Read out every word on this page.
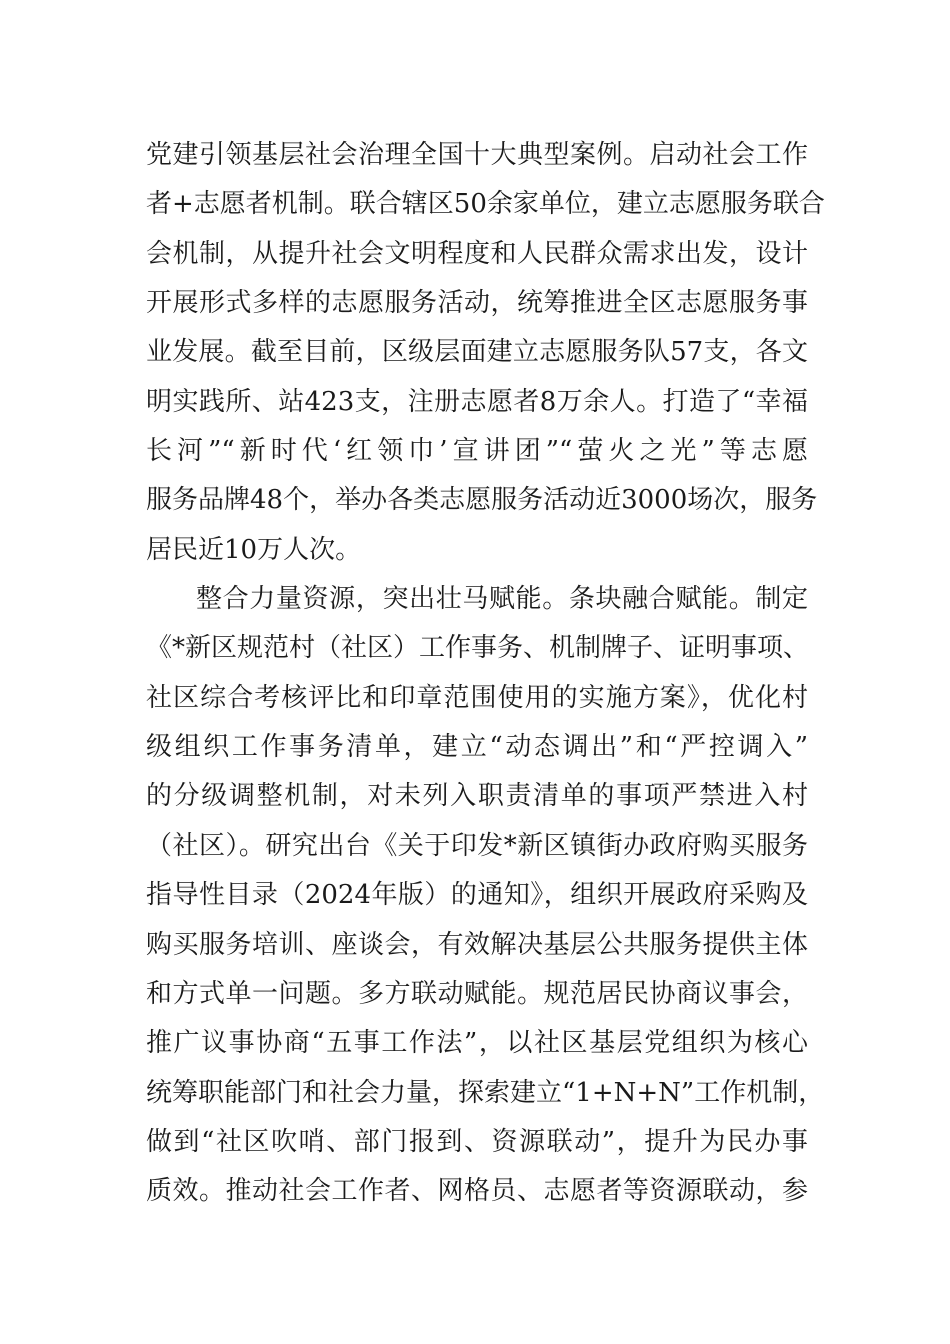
党建引领基层社会治理全国十大典型案例。启动社会工作
者+志愿者机制。联合辖区50余家单位，建立志愿服务联合
会机制，从提升社会文明程度和人民群众需求出发，设计
开展形式多样的志愿服务活动，统筹推进全区志愿服务事
业发展。截至目前，区级层面建立志愿服务队57支，各文
明实践所、站423支，注册志愿者8万余人。打造了“幸福
长河”“新时代‘红领巾’宣讲团”“萤火之光”等志愿
服务品牌48个，举办各类志愿服务活动近3000场次，服务
居民近10万人次。
整合力量资源，突出壮马赋能。条块融合赋能。制定
《*新区规范村（社区）工作事务、机制牌子、证明事项、
社区综合考核评比和印章范围使用的实施方案》，优化村
级组织工作事务清单，建立“动态调出”和“严控调入”
的分级调整机制，对未列入职责清单的事项严禁进入村
（社区）。研究出台《关于印发*新区镇街办政府购买服务
指导性目录（2024年版）的通知》，组织开展政府采购及
购买服务培训、座谈会，有效解决基层公共服务提供主体
和方式单一问题。多方联动赋能。规范居民协商议事会，
推广议事协商“五事工作法”，以社区基层党组织为核心
统筹职能部门和社会力量，探索建立“1+N+N”工作机制，
做到“社区吹哨、部门报到、资源联动”，提升为民办事
质效。推动社会工作者、网格员、志愿者等资源联动，参
